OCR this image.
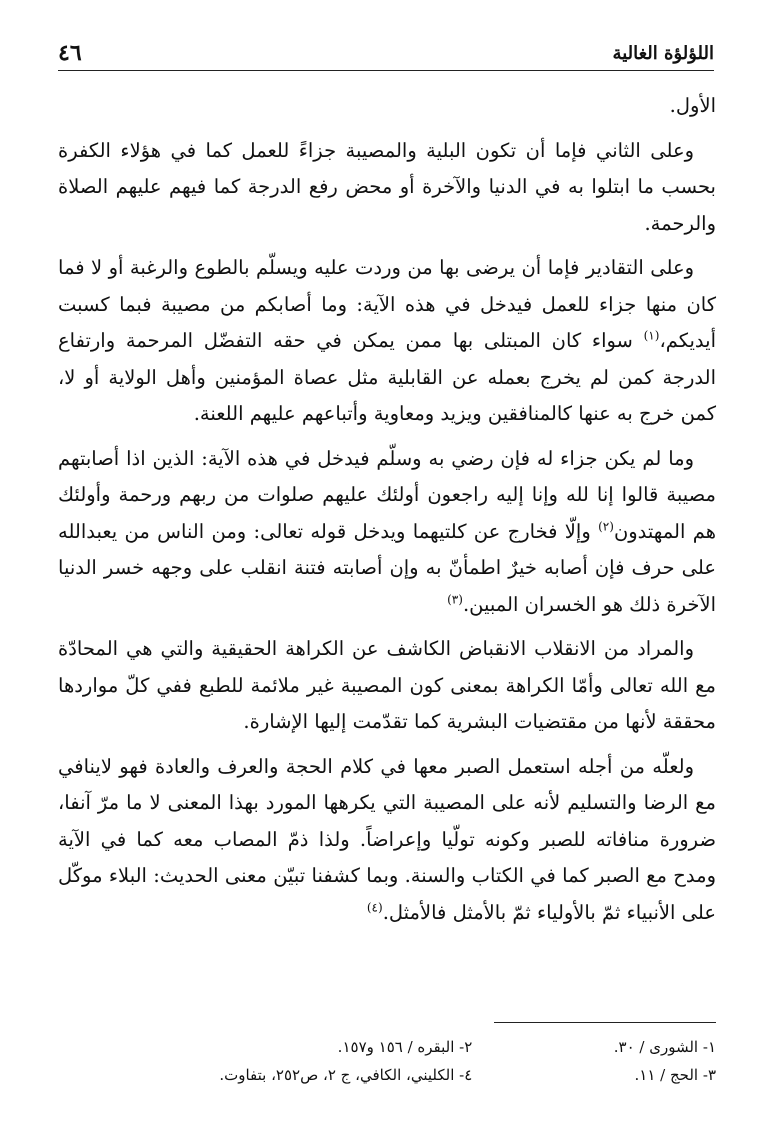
اللؤلؤة الغالية
٤٦

الأول.

وعلى الثاني فإما أن تكون البلية والمصيبة جزاءً للعمل كما في هؤلاء الكفرة بحسب ما ابتلوا به في الدنيا والآخرة أو محض رفع الدرجة كما فيهم عليهم الصلاة والرحمة.

وعلى التقادير فإما أن يرضى بها من وردت عليه ويسلّم بالطوع والرغبة أو لا فما كان منها جزاء للعمل فيدخل في هذه الآية: وما أصابكم من مصيبة فبما كسبت أيديكم،$^{(١)}$ سواء كان المبتلى بها ممن يمكن في حقه التفضّل المرحمة وارتفاع الدرجة كمن لم يخرج بعمله عن القابلية مثل عصاة المؤمنين وأهل الولاية أو لا، كمن خرج به عنها كالمنافقين ويزيد ومعاوية وأتباعهم عليهم اللعنة.

وما لم يكن جزاء له فإن رضي به وسلّم فيدخل في هذه الآية: الذين اذا أصابتهم مصيبة قالوا إنا لله وإنا إليه راجعون أولئك عليهم صلوات من ربهم ورحمة وأولئك هم المهتدون$^{(٢)}$ وإلّا فخارج عن كلتيهما ويدخل قوله تعالى: ومن الناس من يعبدالله على حرف فإن أصابه خيرٌ اطمأنّ به وإن أصابته فتنة انقلب على وجهه خسر الدنيا الآخرة ذلك هو الخسران المبين.$^{(٣)}$

والمراد من الانقلاب الانقباض الكاشف عن الكراهة الحقيقية والتي هي المحادّة مع الله تعالى وأمّا الكراهة بمعنى كون المصيبة غير ملائمة للطبع ففي كلّ مواردها محققة لأنها من مقتضيات البشرية كما تقدّمت إليها الإشارة.

ولعلّه من أجله استعمل الصبر معها في كلام الحجة والعرف والعادة فهو لاينافي مع الرضا والتسليم لأنه على المصيبة التي يكرهها المورد بهذا المعنى لا ما مرّ آنفا، ضرورة منافاته للصبر وكونه تولّيا وإعراضاً. ولذا ذمّ المصاب معه كما في الآية ومدح مع الصبر كما في الكتاب والسنة. وبما كشفنا تبيّن معنى الحديث: البلاء موكّل على الأنبياء ثمّ بالأولياء ثمّ بالأمثل فالأمثل.$^{(٤)}$

١- الشورى / ٣٠.
٢- البقره / ١٥٦ و١٥٧.
٣- الحج / ١١.
٤- الكليني، الكافي، ج ٢، ص٢٥٢، بتفاوت.
